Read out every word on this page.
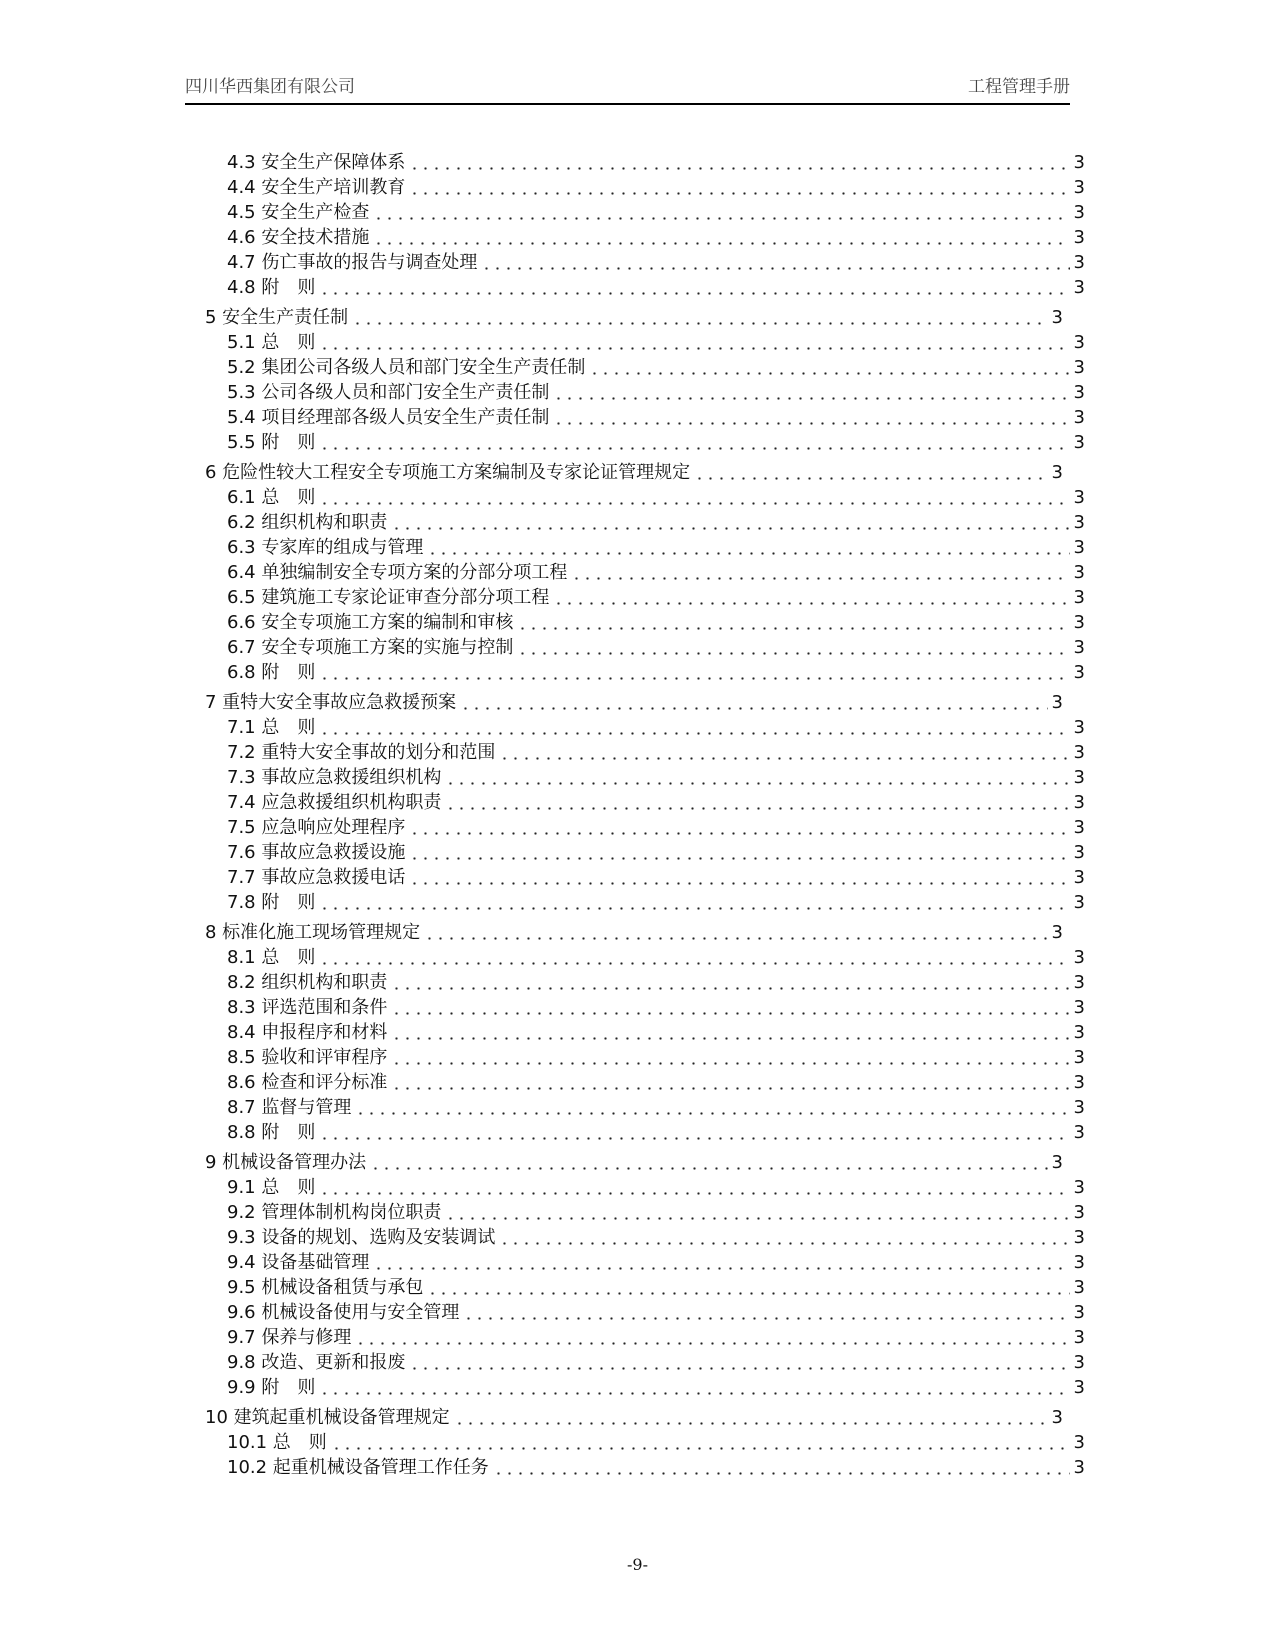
四川华西集团有限公司	工程管理手册
4.3 安全生产保障体系	3
4.4 安全生产培训教育	3
4.5 安全生产检查	3
4.6 安全技术措施	3
4.7 伤亡事故的报告与调查处理	3
4.8 附　则	3
5 安全生产责任制	3
5.1 总　则	3
5.2 集团公司各级人员和部门安全生产责任制	3
5.3 公司各级人员和部门安全生产责任制	3
5.4 项目经理部各级人员安全生产责任制	3
5.5 附　则	3
6 危险性较大工程安全专项施工方案编制及专家论证管理规定	3
6.1 总　则	3
6.2 组织机构和职责	3
6.3 专家库的组成与管理	3
6.4 单独编制安全专项方案的分部分项工程	3
6.5 建筑施工专家论证审查分部分项工程	3
6.6 安全专项施工方案的编制和审核	3
6.7 安全专项施工方案的实施与控制	3
6.8 附　则	3
7 重特大安全事故应急救援预案	3
7.1 总　则	3
7.2 重特大安全事故的划分和范围	3
7.3 事故应急救援组织机构	3
7.4 应急救援组织机构职责	3
7.5 应急响应处理程序	3
7.6 事故应急救援设施	3
7.7 事故应急救援电话	3
7.8 附　则	3
8 标准化施工现场管理规定	3
8.1 总　则	3
8.2 组织机构和职责	3
8.3 评选范围和条件	3
8.4 申报程序和材料	3
8.5 验收和评审程序	3
8.6 检查和评分标准	3
8.7 监督与管理	3
8.8 附　则	3
9 机械设备管理办法	3
9.1 总　则	3
9.2 管理体制机构岗位职责	3
9.3 设备的规划、选购及安装调试	3
9.4 设备基础管理	3
9.5 机械设备租赁与承包	3
9.6 机械设备使用与安全管理	3
9.7 保养与修理	3
9.8 改造、更新和报废	3
9.9 附　则	3
10 建筑起重机械设备管理规定	3
10.1 总　则	3
10.2 起重机械设备管理工作任务	3
-9-
